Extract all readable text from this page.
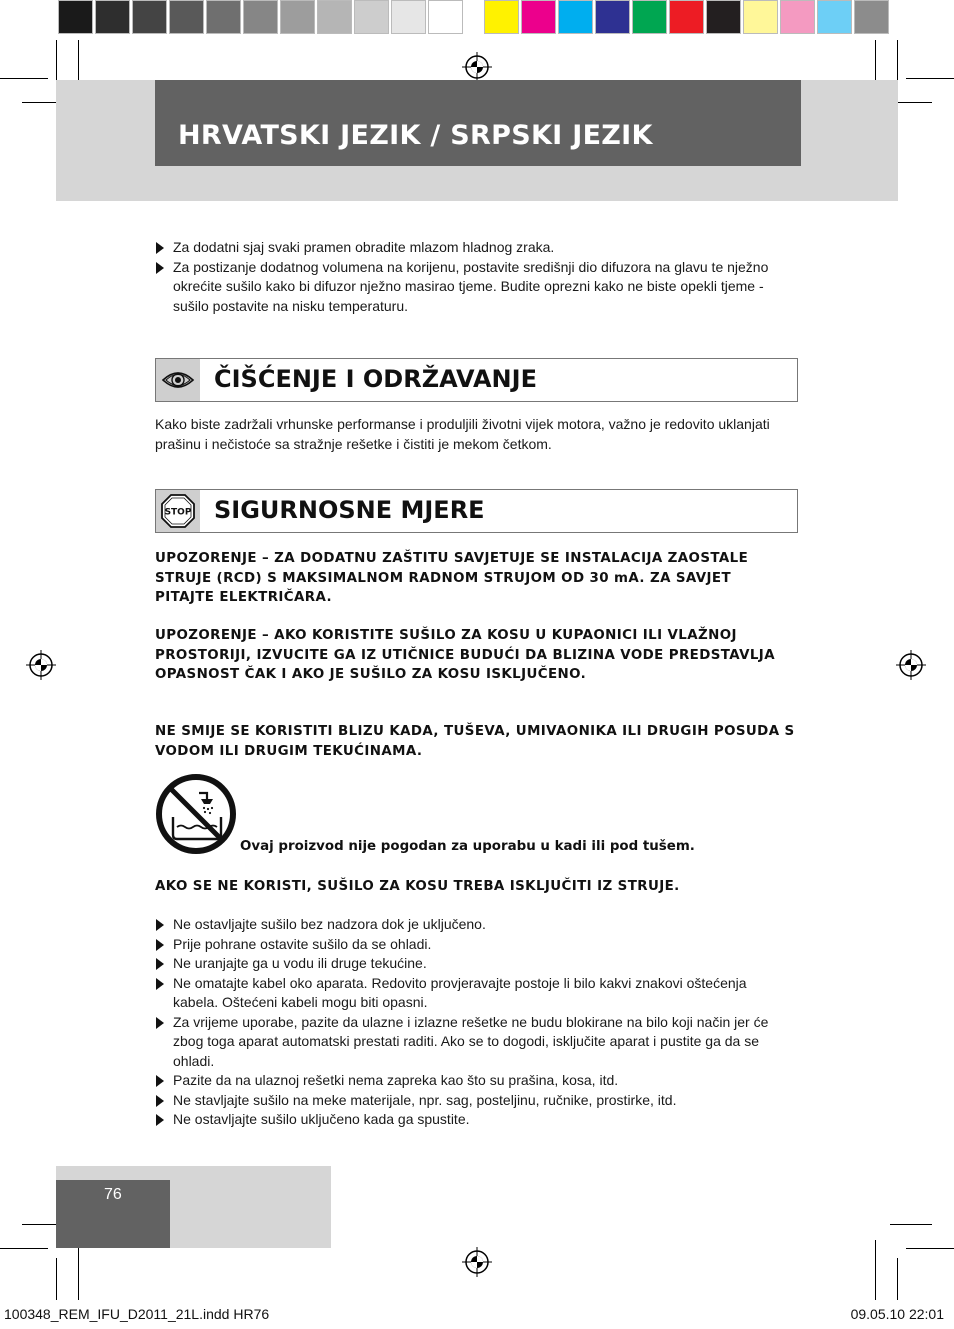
HRVATSKI JEZIK / SRPSKI JEZIK
Za dodatni sjaj svaki pramen obradite mlazom hladnog zraka.
Za postizanje dodatnog volumena na korijenu, postavite središnji dio difuzora na glavu te nježno okrećite sušilo kako bi difuzor nježno masirao tjeme. Budite oprezni kako ne biste opekli tjeme - sušilo postavite na nisku temperaturu.
ČIŠĆENJE I ODRŽAVANJE
Kako biste zadržali vrhunske performanse i produljili životni vijek motora, važno je redovito uklanjati prašinu i nečistoće sa stražnje rešetke i čistiti je mekom četkom.
STOP SIGURNOSNE MJERE
UPOZORENJE – ZA DODATNU ZAŠTITU SAVJETUJE SE INSTALACIJA ZAOSTALE STRUJE (RCD) S MAKSIMALNOM RADNOM STRUJOM OD 30 mA. ZA SAVJET PITAJTE ELEKTRIČARA.
UPOZORENJE – AKO KORISTITE SUŠILO ZA KOSU U KUPAONICI ILI VLAŽNOJ PROSTORIJI, IZVUCITE GA IZ UTIČNICE BUDUĆI DA BLIZINA VODE PREDSTAVLJA OPASNOST ČAK I AKO JE SUŠILO ZA KOSU ISKLJUČENO.
NE SMIJE SE KORISTITI BLIZU KADA, TUŠEVA, UMIVAONIKA ILI DRUGIH POSUDA S VODOM ILI DRUGIM TEKUĆINAMA.
Ovaj proizvod nije pogodan za uporabu u kadi ili pod tušem.
AKO SE NE KORISTI, SUŠILO ZA KOSU TREBA ISKLJUČITI IZ STRUJE.
Ne ostavljajte sušilo bez nadzora dok je uključeno.
Prije pohrane ostavite sušilo da se ohladi.
Ne uranjajte ga u vodu ili druge tekućine.
Ne omatajte kabel oko aparata. Redovito provjeravajte postoje li bilo kakvi znakovi oštećenja kabela. Oštećeni kabeli mogu biti opasni.
Za vrijeme uporabe, pazite da ulazne i izlazne rešetke ne budu blokirane na bilo koji način jer će zbog toga aparat automatski prestati raditi. Ako se to dogodi, isključite aparat i pustite ga da se ohladi.
Pazite da na ulaznoj rešetki nema zapreka kao što su prašina, kosa, itd.
Ne stavljajte sušilo na meke materijale, npr. sag, posteljinu, ručnike, prostirke, itd.
Ne ostavljajte sušilo uključeno kada ga spustite.
76
100348_REM_IFU_D2011_21L.indd HR76	09.05.10 22:01
